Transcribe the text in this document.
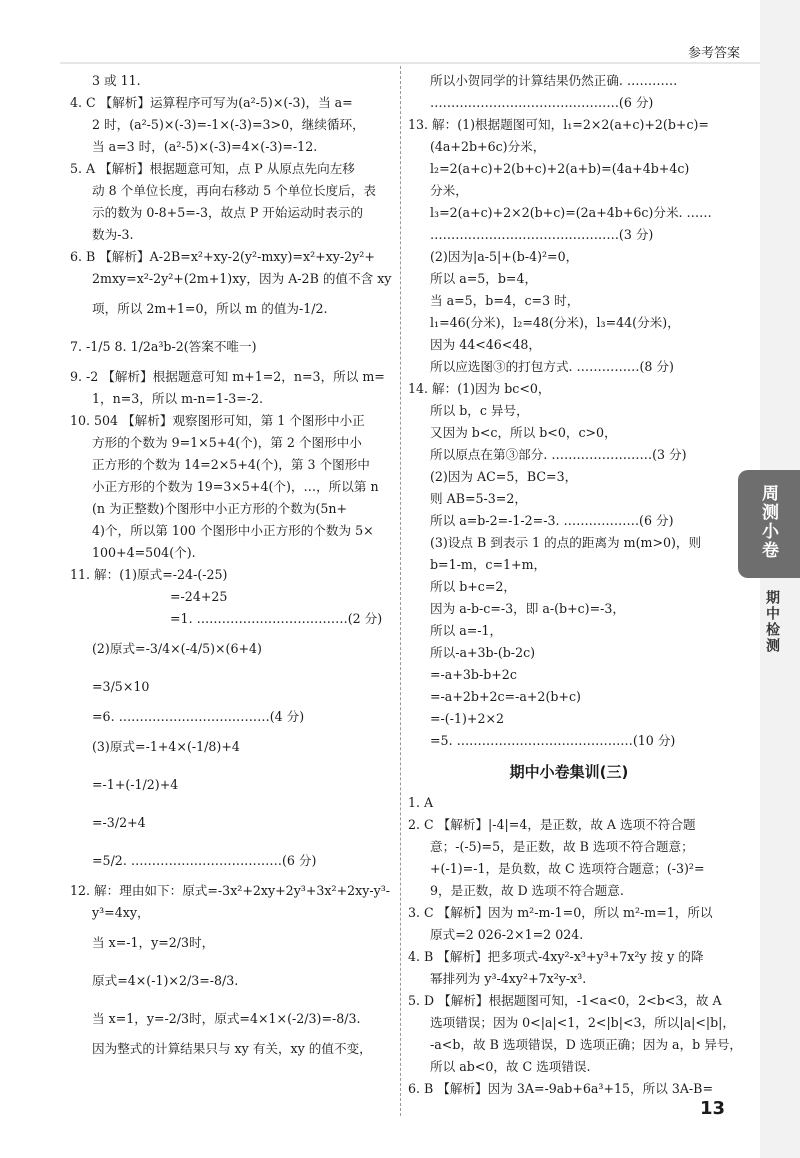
参考答案
3 或 11.
4. C 【解析】运算程序可写为(a²-5)×(-3)，当 a=
2 时，(a²-5)×(-3)=-1×(-3)=3>0，继续循环，
当 a=3 时，(a²-5)×(-3)=4×(-3)=-12.
5. A 【解析】根据题意可知，点 P 从原点先向左移
动 8 个单位长度，再向右移动 5 个单位长度后，表
示的数为 0-8+5=-3，故点 P 开始运动时表示的
数为-3.
6. B 【解析】A-2B=x²+xy-2(y²-mxy)=x²+xy-2y²+
2mxy=x²-2y²+(2m+1)xy，因为 A-2B 的值不含 xy
项，所以 2m+1=0，所以 m 的值为-1/2.
7. -1/5 8. 1/2a³b-2(答案不唯一)
9. -2 【解析】根据题意可知 m+1=2，n=3，所以 m=
1，n=3，所以 m-n=1-3=-2.
10. 504 【解析】观察图形可知，第 1 个图形中小正
方形的个数为 9=1×5+4(个)，第 2 个图形中小
正方形的个数为 14=2×5+4(个)，第 3 个图形中
小正方形的个数为 19=3×5+4(个)，…，所以第 n
(n 为正整数)个图形中小正方形的个数为(5n+
4)个，所以第 100 个图形中小正方形的个数为 5×
100+4=504(个).
11. 解：(1)原式=-24-(-25)
=-24+25
=1. ………………………………(2 分)
(2)原式=-3/4×(-4/5)×(6+4)
=3/5×10
=6. ………………………………(4 分)
(3)原式=-1+4×(-1/8)+4
=-1+(-1/2)+4
=-3/2+4
=5/2. ………………………………(6 分)
12. 解：理由如下：原式=-3x²+2xy+2y³+3x²+2xy-y³-
y³=4xy，
当 x=-1，y=2/3时，
原式=4×(-1)×2/3=-8/3.
当 x=1，y=-2/3时，原式=4×1×(-2/3)=-8/3.
因为整式的计算结果只与 xy 有关，xy 的值不变，
所以小贺同学的计算结果仍然正确. …………
………………………………………(6 分)
13. 解：(1)根据题图可知，l₁=2×2(a+c)+2(b+c)=
(4a+2b+6c)分米，
l₂=2(a+c)+2(b+c)+2(a+b)=(4a+4b+4c)
分米，
l₃=2(a+c)+2×2(b+c)=(2a+4b+6c)分米. ……
………………………………………(3 分)
(2)因为|a-5|+(b-4)²=0，
所以 a=5，b=4，
当 a=5，b=4，c=3 时，
l₁=46(分米)，l₂=48(分米)，l₃=44(分米)，
因为 44<46<48，
所以应选图③的打包方式. ……………(8 分)
14. 解：(1)因为 bc<0，
所以 b，c 异号，
又因为 b<c，所以 b<0，c>0，
所以原点在第③部分. ……………………(3 分)
(2)因为 AC=5，BC=3，
则 AB=5-3=2，
所以 a=b-2=-1-2=-3. ………………(6 分)
(3)设点 B 到表示 1 的点的距离为 m(m>0)，则
b=1-m，c=1+m，
所以 b+c=2，
因为 a-b-c=-3，即 a-(b+c)=-3，
所以 a=-1，
所以-a+3b-(b-2c)
=-a+3b-b+2c
=-a+2b+2c=-a+2(b+c)
=-(-1)+2×2
=5. ……………………………………(10 分)
期中小卷集训(三)
1. A
2. C 【解析】|-4|=4，是正数，故 A 选项不符合题
意；-(-5)=5，是正数，故 B 选项不符合题意；
+(-1)=-1，是负数，故 C 选项符合题意；(-3)²=
9，是正数，故 D 选项不符合题意.
3. C 【解析】因为 m²-m-1=0，所以 m²-m=1，所以
原式=2 026-2×1=2 024.
4. B 【解析】把多项式-4xy²-x³+y³+7x²y 按 y 的降
幂排列为 y³-4xy²+7x²y-x³.
5. D 【解析】根据题图可知，-1<a<0，2<b<3，故 A
选项错误；因为 0<|a|<1，2<|b|<3，所以|a|<|b|，
-a<b，故 B 选项错误，D 选项正确；因为 a，b 异号，
所以 ab<0，故 C 选项错误.
6. B 【解析】因为 3A=-9ab+6a³+15，所以 3A-B=
周测小卷
期中检测
13
